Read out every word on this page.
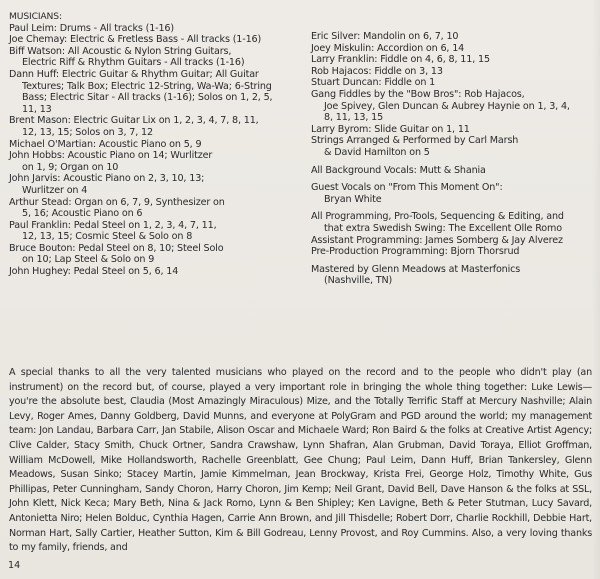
MUSICIANS:
Paul Leim: Drums - All tracks (1-16)
Joe Chemay: Electric & Fretless Bass - All tracks (1-16)
Biff Watson: All Acoustic & Nylon String Guitars,
Electric Riff & Rhythm Guitars - All tracks (1-16)
Dann Huff: Electric Guitar & Rhythm Guitar; All Guitar
Textures; Talk Box; Electric 12-String, Wa-Wa; 6-String
Bass; Electric Sitar - All tracks (1-16); Solos on 1, 2, 5,
11, 13
Brent Mason: Electric Guitar Lix on 1, 2, 3, 4, 7, 8, 11,
12, 13, 15; Solos on 3, 7, 12
Michael O'Martian: Acoustic Piano on 5, 9
John Hobbs: Acoustic Piano on 14; Wurlitzer
on 1, 9; Organ on 10
John Jarvis: Acoustic Piano on 2, 3, 10, 13;
Wurlitzer on 4
Arthur Stead: Organ on 6, 7, 9, Synthesizer on
5, 16; Acoustic Piano on 6
Paul Franklin: Pedal Steel on 1, 2, 3, 4, 7, 11,
12, 13, 15; Cosmic Steel & Solo on 8
Bruce Bouton: Pedal Steel on 8, 10; Steel Solo
on 10; Lap Steel & Solo on 9
John Hughey: Pedal Steel on 5, 6, 14
Eric Silver: Mandolin on 6, 7, 10
Joey Miskulin: Accordion on 6, 14
Larry Franklin: Fiddle on 4, 6, 8, 11, 15
Rob Hajacos: Fiddle on 3, 13
Stuart Duncan: Fiddle on 1
Gang Fiddles by the "Bow Bros": Rob Hajacos,
Joe Spivey, Glen Duncan & Aubrey Haynie on 1, 3, 4,
8, 11, 13, 15
Larry Byrom: Slide Guitar on 1, 11
Strings Arranged & Performed by Carl Marsh
& David Hamilton on 5
All Background Vocals: Mutt & Shania
Guest Vocals on "From This Moment On":
Bryan White
All Programming, Pro-Tools, Sequencing & Editing, and
that extra Swedish Swing: The Excellent Olle Romo
Assistant Programming: James Somberg & Jay Alverez
Pre-Production Programming: Bjorn Thorsrud
Mastered by Glenn Meadows at Masterfonics
(Nashville, TN)
A special thanks to all the very talented musicians who played on the record and to the people who didn't play (an instrument) on the record but, of course, played a very important role in bringing the whole thing together: Luke Lewis—you're the absolute best, Claudia (Most Amazingly Miraculous) Mize, and the Totally Terrific Staff at Mercury Nashville; Alain Levy, Roger Ames, Danny Goldberg, David Munns, and everyone at PolyGram and PGD around the world; my management team: Jon Landau, Barbara Carr, Jan Stabile, Alison Oscar and Michaele Ward; Ron Baird & the folks at Creative Artist Agency; Clive Calder, Stacy Smith, Chuck Ortner, Sandra Crawshaw, Lynn Shafran, Alan Grubman, David Toraya, Elliot Groffman, William McDowell, Mike Hollandsworth, Rachelle Greenblatt, Gee Chung; Paul Leim, Dann Huff, Brian Tankersley, Glenn Meadows, Susan Sinko; Stacey Martin, Jamie Kimmelman, Jean Brockway, Krista Frei, George Holz, Timothy White, Gus Phillipas, Peter Cunningham, Sandy Choron, Harry Choron, Jim Kemp; Neil Grant, David Bell, Dave Hanson & the folks at SSL, John Klett, Nick Keca; Mary Beth, Nina & Jack Romo, Lynn & Ben Shipley; Ken Lavigne, Beth & Peter Stutman, Lucy Savard, Antonietta Niro; Helen Bolduc, Cynthia Hagen, Carrie Ann Brown, and Jill Thisdelle; Robert Dorr, Charlie Rockhill, Debbie Hart, Norman Hart, Sally Cartier, Heather Sutton, Kim & Bill Godreau, Lenny Provost, and Roy Cummins. Also, a very loving thanks to my family, friends, and
14
